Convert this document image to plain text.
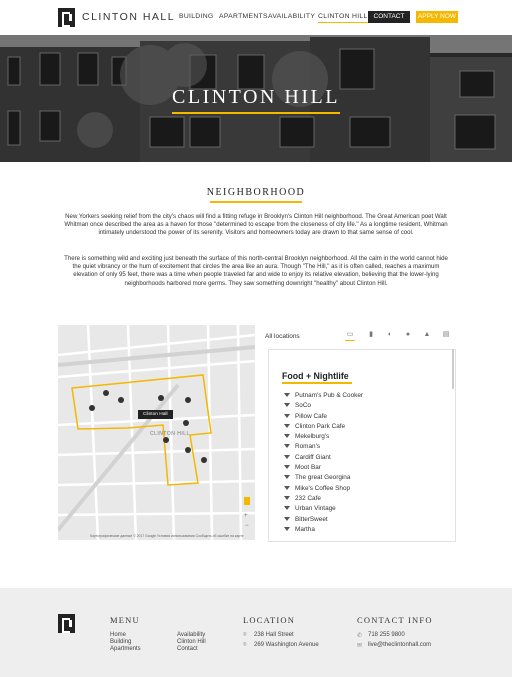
CLINTON HALL BUILDING APARTMENTS AVAILABILITY CLINTON HILL CONTACT	APPLY NOW
CLINTON HILL
NEIGHBORHOOD
New Yorkers seeking relief from the city's chaos will find a fitting refuge in Brooklyn's Clinton Hill neighborhood. The Great American poet Walt Whitman once described the area as a haven for those "determined to escape from the closeness of city life." As a longtime resident, Whitman intimately understood the power of its serenity. Visitors and homeowners today are drawn to that same sense of cool.
There is something wild and exciting just beneath the surface of this north-central Brooklyn neighborhood. All the calm in the world cannot hide the quiet vibrancy or the hum of excitement that circles the area like an aura. Though "The Hill," as it is often called, reaches a maximum elevation of only 95 feet, there was a time when people traveled far and wide to enjoy its relative elevation, believing that the lower-lying neighborhoods harbored more germs. They saw something downright "healthy" about Clinton Hill.
+
−
Clinton Hall
CLINTON HILL
Картографические данные © 2017 Google Условия использования Сообщить об ошибке на карте
All locations	▭	▮	◐	●	▲ ▤
Food + Nightlife
Putnam's Pub & Cooker
SoCo
Pillow Cafe
Clinton Park Cafe
Mekelburg's
Roman's
Cardiff Giant
Moot Bar
The great Georgina
Mike's Coffee Shop
232 Cafe
Urban Vintage
BitterSweet
Martha
MENU
Home
Building
Apartments
Availability
Clinton Hill
Contact
LOCATION
⌾ 238 Hall Street
⌾ 269 Washington Avenue
CONTACT INFO
✆ 718 255 9800
✉ live@theclintonhall.com
